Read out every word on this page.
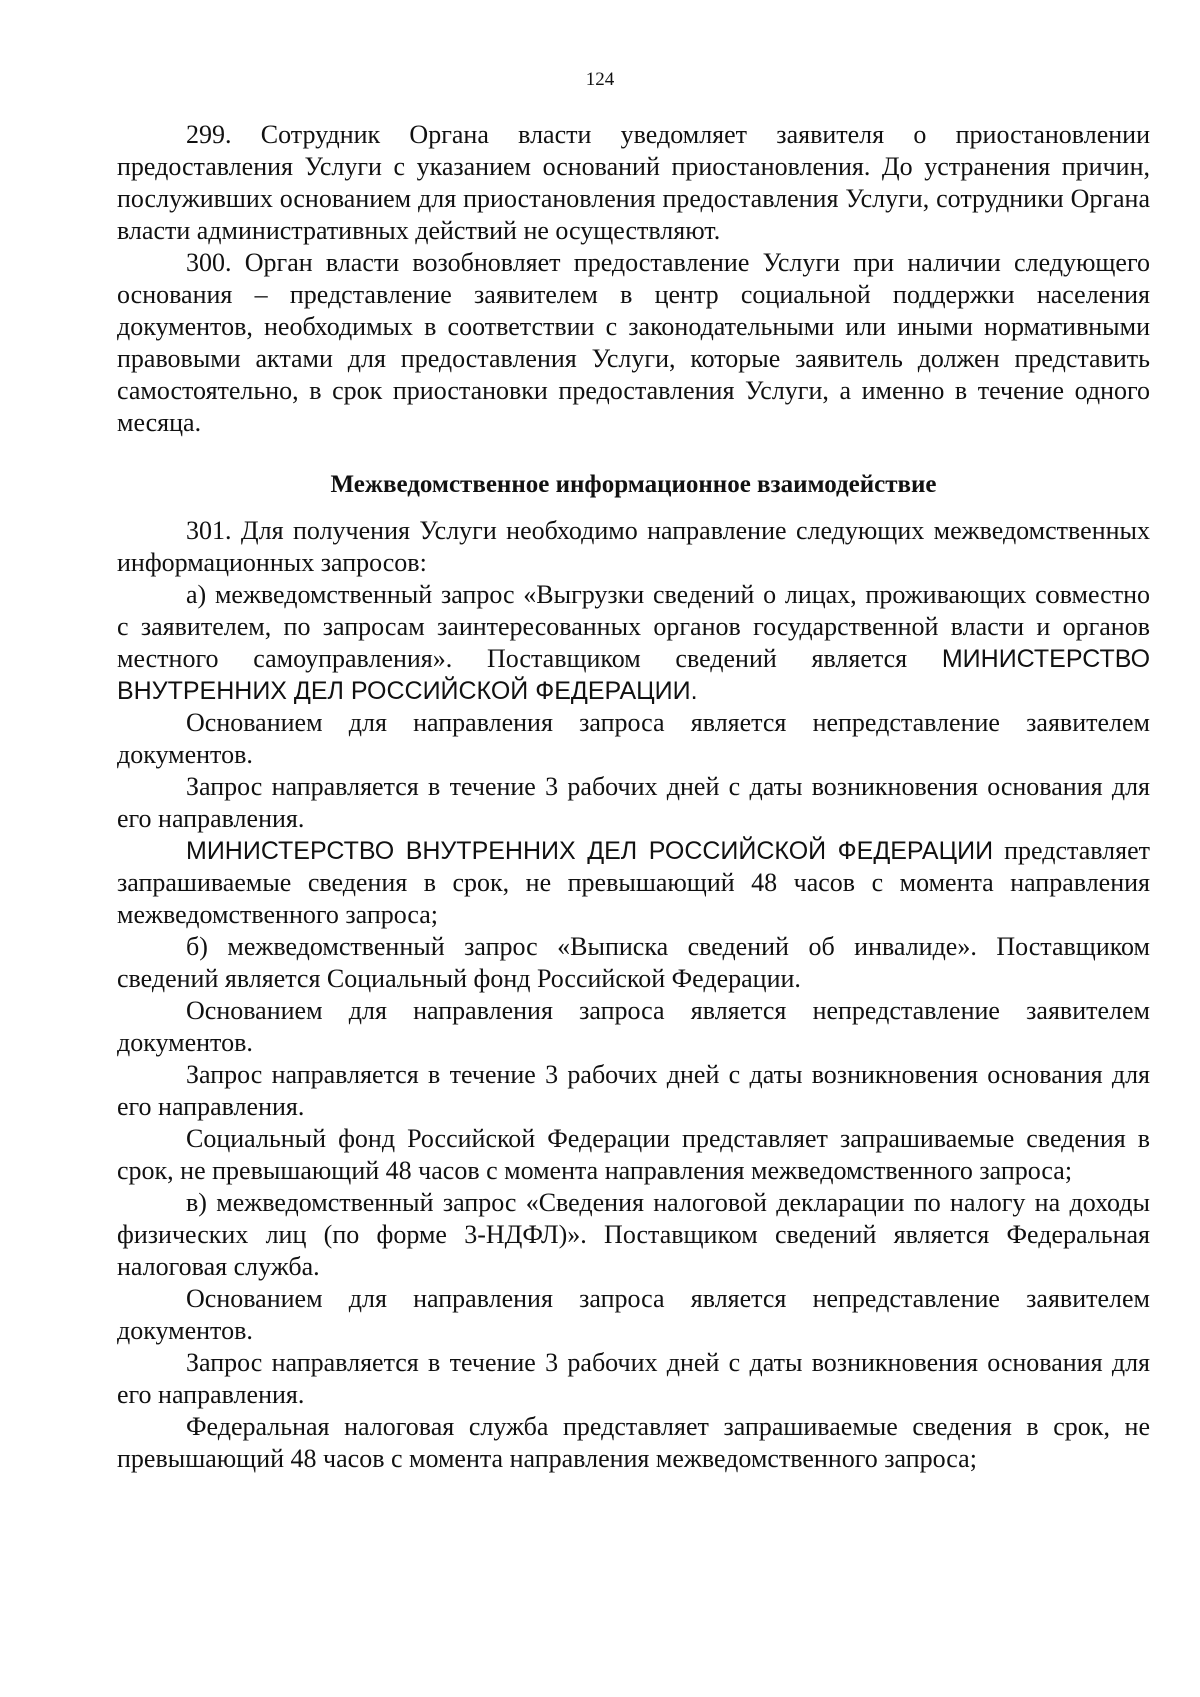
124

299. Сотрудник Органа власти уведомляет заявителя о приостановлении предоставления Услуги с указанием оснований приостановления. До устранения причин, послуживших основанием для приостановления предоставления Услуги, сотрудники Органа власти административных действий не осуществляют.

300. Орган власти возобновляет предоставление Услуги при наличии следующего основания – представление заявителем в центр социальной поддержки населения документов, необходимых в соответствии с законодательными или иными нормативными правовыми актами для предоставления Услуги, которые заявитель должен представить самостоятельно, в срок приостановки предоставления Услуги, а именно в течение одного месяца.

Межведомственное информационное взаимодействие

301. Для получения Услуги необходимо направление следующих межведомственных информационных запросов:

а) межведомственный запрос «Выгрузки сведений о лицах, проживающих совместно с заявителем, по запросам заинтересованных органов государственной власти и органов местного самоуправления». Поставщиком сведений является МИНИСТЕРСТВО ВНУТРЕННИХ ДЕЛ РОССИЙСКОЙ ФЕДЕРАЦИИ.

Основанием для направления запроса является непредставление заявителем документов.

Запрос направляется в течение 3 рабочих дней с даты возникновения основания для его направления.

МИНИСТЕРСТВО ВНУТРЕННИХ ДЕЛ РОССИЙСКОЙ ФЕДЕРАЦИИ представляет запрашиваемые сведения в срок, не превышающий 48 часов с момента направления межведомственного запроса;

б) межведомственный запрос «Выписка сведений об инвалиде». Поставщиком сведений является Социальный фонд Российской Федерации.

Основанием для направления запроса является непредставление заявителем документов.

Запрос направляется в течение 3 рабочих дней с даты возникновения основания для его направления.

Социальный фонд Российской Федерации представляет запрашиваемые сведения в срок, не превышающий 48 часов с момента направления межведомственного запроса;

в) межведомственный запрос «Сведения налоговой декларации по налогу на доходы физических лиц (по форме 3-НДФЛ)». Поставщиком сведений является Федеральная налоговая служба.

Основанием для направления запроса является непредставление заявителем документов.

Запрос направляется в течение 3 рабочих дней с даты возникновения основания для его направления.

Федеральная налоговая служба представляет запрашиваемые сведения в срок, не превышающий 48 часов с момента направления межведомственного запроса;
